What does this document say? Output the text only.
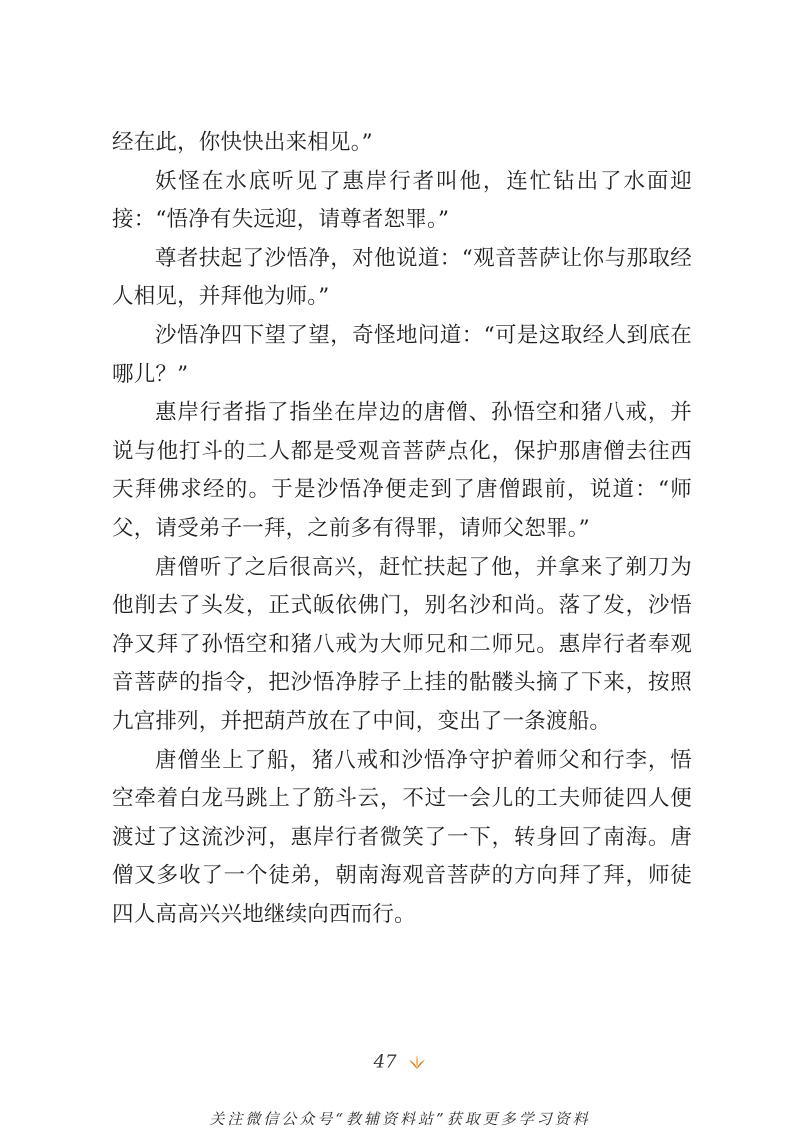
经在此，你快快出来相见。”

妖怪在水底听见了惠岸行者叫他，连忙钻出了水面迎接：“悟净有失远迎，请尊者恕罪。”

尊者扶起了沙悟净，对他说道：“观音菩萨让你与那取经人相见，并拜他为师。”

沙悟净四下望了望，奇怪地问道：“可是这取经人到底在哪儿？”

惠岸行者指了指坐在岸边的唐僧、孙悟空和猪八戒，并说与他打斗的二人都是受观音菩萨点化，保护那唐僧去往西天拜佛求经的。于是沙悟净便走到了唐僧跟前，说道：“师父，请受弟子一拜，之前多有得罪，请师父恕罪。”

唐僧听了之后很高兴，赶忙扶起了他，并拿来了剃刀为他削去了头发，正式皈依佛门，别名沙和尚。落了发，沙悟净又拜了孙悟空和猪八戒为大师兄和二师兄。惠岸行者奉观音菩萨的指令，把沙悟净脖子上挂的骷髅头摘了下来，按照九宫排列，并把葫芦放在了中间，变出了一条渡船。

唐僧坐上了船，猪八戒和沙悟净守护着师父和行李，悟空牵着白龙马跳上了筋斗云，不过一会儿的工夫师徒四人便渡过了这流沙河，惠岸行者微笑了一下，转身回了南海。唐僧又多收了一个徒弟，朝南海观音菩萨的方向拜了拜，师徒四人高高兴兴地继续向西而行。

47
关注微信公众号“教辅资料站”获取更多学习资料
